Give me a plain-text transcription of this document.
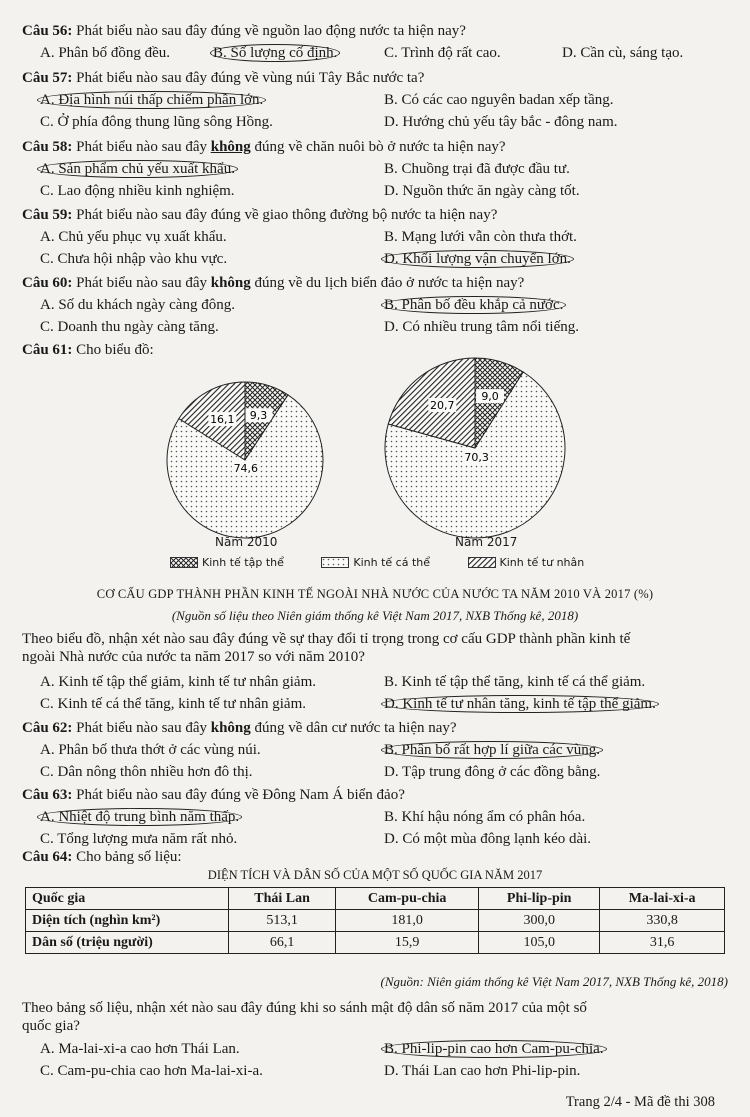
Câu 56: Phát biểu nào sau đây đúng về nguồn lao động nước ta hiện nay?
A. Phân bố đồng đều.	B. Số lượng cố định.	C. Trình độ rất cao.	D. Cần cù, sáng tạo.
Câu 57: Phát biểu nào sau đây đúng về vùng núi Tây Bắc nước ta?
A. Địa hình núi thấp chiếm phần lớn.	B. Có các cao nguyên badan xếp tầng.
C. Ở phía đông thung lũng sông Hồng.	D. Hướng chủ yếu tây bắc - đông nam.
Câu 58: Phát biểu nào sau đây không đúng về chăn nuôi bò ở nước ta hiện nay?
A. Sản phẩm chủ yếu xuất khẩu.	B. Chuồng trại đã được đầu tư.
C. Lao động nhiều kinh nghiệm.	D. Nguồn thức ăn ngày càng tốt.
Câu 59: Phát biểu nào sau đây đúng về giao thông đường bộ nước ta hiện nay?
A. Chủ yếu phục vụ xuất khẩu.	B. Mạng lưới vẫn còn thưa thớt.
C. Chưa hội nhập vào khu vực.	D. Khối lượng vận chuyển lớn.
Câu 60: Phát biểu nào sau đây không đúng về du lịch biển đảo ở nước ta hiện nay?
A. Số du khách ngày càng đông.	B. Phân bố đều khắp cả nước.
C. Doanh thu ngày càng tăng.	D. Có nhiều trung tâm nổi tiếng.
Câu 61: Cho biểu đồ:
9,3
74,6
16,1
9,0
70,3
20,7
Năm 2010	Năm 2017
Kinh tế tập thể	Kinh tế cá thể	Kinh tế tư nhân
CƠ CẤU GDP THÀNH PHẦN KINH TẾ NGOÀI NHÀ NƯỚC CỦA NƯỚC TA NĂM 2010 VÀ 2017 (%)
(Nguồn số liệu theo Niên giám thống kê Việt Nam 2017, NXB Thống kê, 2018)
Theo biểu đồ, nhận xét nào sau đây đúng về sự thay đổi tỉ trọng trong cơ cấu GDP thành phần kinh tế
ngoài Nhà nước của nước ta năm 2017 so với năm 2010?
A. Kinh tế tập thể giảm, kinh tế tư nhân giảm.	B. Kinh tế tập thể tăng, kinh tế cá thể giảm.
C. Kinh tế cá thể tăng, kinh tế tư nhân giảm.	D. Kinh tế tư nhân tăng, kinh tế tập thể giảm.
Câu 62: Phát biểu nào sau đây không đúng về dân cư nước ta hiện nay?
A. Phân bố thưa thớt ở các vùng núi.	B. Phân bố rất hợp lí giữa các vùng.
C. Dân nông thôn nhiều hơn đô thị.	D. Tập trung đông ở các đồng bằng.
Câu 63: Phát biểu nào sau đây đúng về Đông Nam Á biển đảo?
A. Nhiệt độ trung bình năm thấp.	B. Khí hậu nóng ẩm có phân hóa.
C. Tổng lượng mưa năm rất nhỏ.	D. Có một mùa đông lạnh kéo dài.
Câu 64: Cho bảng số liệu:
DIỆN TÍCH VÀ DÂN SỐ CỦA MỘT SỐ QUỐC GIA NĂM 2017
Quốc gia	Thái Lan	Cam-pu-chia	Phi-lip-pin	Ma-lai-xi-a
Diện tích (nghìn km²)	513,1	181,0	300,0	330,8
Dân số (triệu người)	66,1	15,9	105,0	31,6
(Nguồn: Niên giám thống kê Việt Nam 2017, NXB Thống kê, 2018)
Theo bảng số liệu, nhận xét nào sau đây đúng khi so sánh mật độ dân số năm 2017 của một số
quốc gia?
A. Ma-lai-xi-a cao hơn Thái Lan.	B. Phi-lip-pin cao hơn Cam-pu-chia.
C. Cam-pu-chia cao hơn Ma-lai-xi-a.	D. Thái Lan cao hơn Phi-lip-pin.
Trang 2/4 - Mã đề thi 308
